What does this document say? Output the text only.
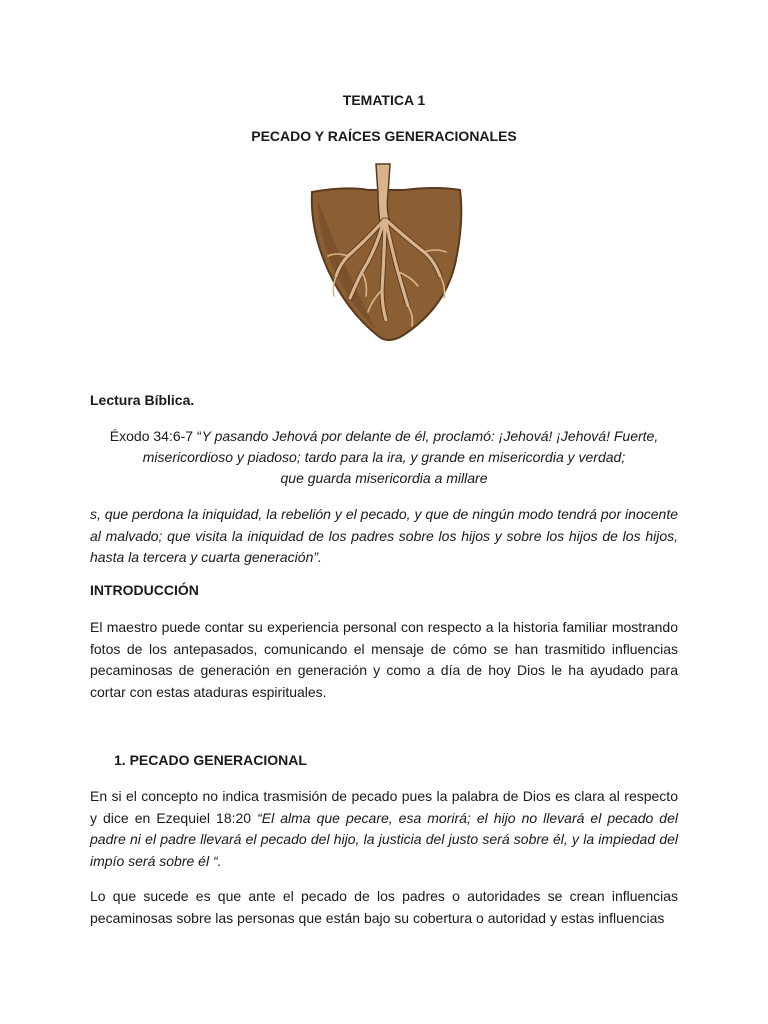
TEMATICA 1
PECADO Y RAÍCES GENERACIONALES
Lectura Bíblica.

Éxodo 34:6-7 “Y pasando Jehová por delante de él, proclamó: ¡Jehová! ¡Jehová! Fuerte,

misericordioso y piadoso; tardo para la ira, y grande en misericordia y verdad;

que guarda misericordia a millare

s, que perdona la iniquidad, la rebelión y el pecado, y que de ningún modo tendrá por inocente al malvado; que visita la iniquidad de los padres sobre los hijos y sobre los hijos de los hijos, hasta la tercera y cuarta generación”.

INTRODUCCIÓN

El maestro puede contar su experiencia personal con respecto a la historia familiar mostrando fotos de los antepasados, comunicando el mensaje de cómo se han trasmitido influencias pecaminosas de generación en generación y como a día de hoy Dios le ha ayudado para cortar con estas ataduras espirituales.

1. PECADO GENERACIONAL

En si el concepto no indica trasmisión de pecado pues la palabra de Dios es clara al respecto y dice en Ezequiel 18:20 “El alma que pecare, esa morirá; el hijo no llevará el pecado del padre ni el padre llevará el pecado del hijo, la justicia del justo será sobre él, y la impiedad del impío será sobre él “.

Lo que sucede es que ante el pecado de los padres o autoridades se crean influencias pecaminosas sobre las personas que están bajo su cobertura o autoridad y estas influencias
